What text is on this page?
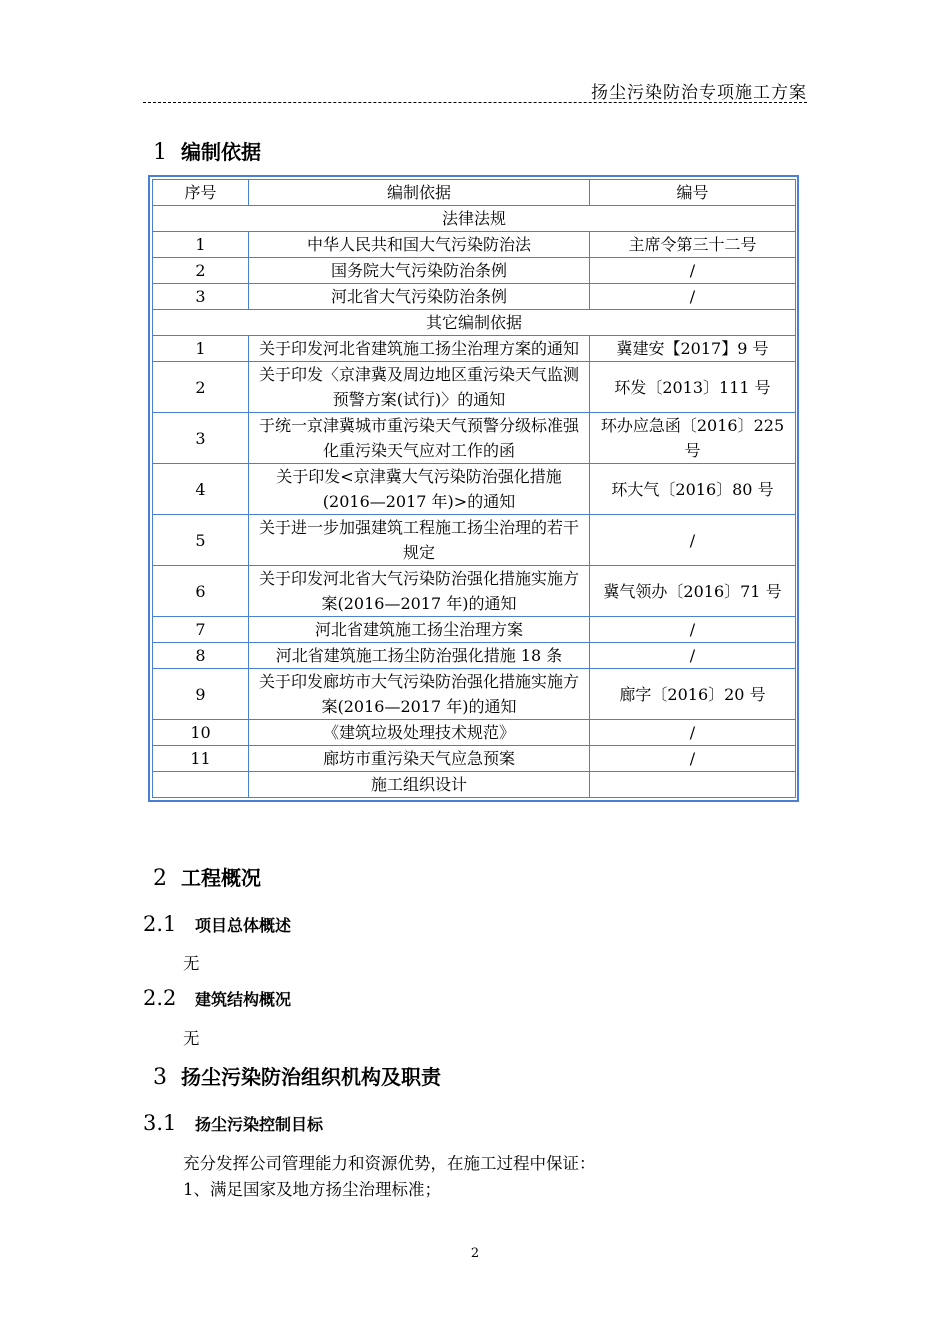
扬尘污染防治专项施工方案
1 编制依据
序号	编制依据	编号
法律法规		
1	中华人民共和国大气污染防治法	主席令第三十二号
2	国务院大气污染防治条例	/
3	河北省大气污染防治条例	/
其它编制依据		
1	关于印发河北省建筑施工扬尘治理方案的通知	冀建安【2017】9 号
2	关于印发〈京津冀及周边地区重污染天气监测预警方案(试行)〉的通知	环发〔2013〕111 号
3	于统一京津冀城市重污染天气预警分级标准强化重污染天气应对工作的函	环办应急函〔2016〕225 号
4	关于印发<京津冀大气污染防治强化措施(2016—2017 年)>的通知	环大气〔2016〕80 号
5	关于进一步加强建筑工程施工扬尘治理的若干规定	/
6	关于印发河北省大气污染防治强化措施实施方案(2016—2017 年)的通知	冀气领办〔2016〕71 号
7	河北省建筑施工扬尘治理方案	/
8	河北省建筑施工扬尘防治强化措施 18 条	/
9	关于印发廊坊市大气污染防治强化措施实施方案(2016—2017 年)的通知	廊字〔2016〕20 号
10	《建筑垃圾处理技术规范》	/
11	廊坊市重污染天气应急预案	/
	施工组织设计	
2 工程概况
2.1 项目总体概述
无
2.2 建筑结构概况
无
3 扬尘污染防治组织机构及职责
3.1 扬尘污染控制目标
充分发挥公司管理能力和资源优势，在施工过程中保证：
1、满足国家及地方扬尘治理标准；
2
